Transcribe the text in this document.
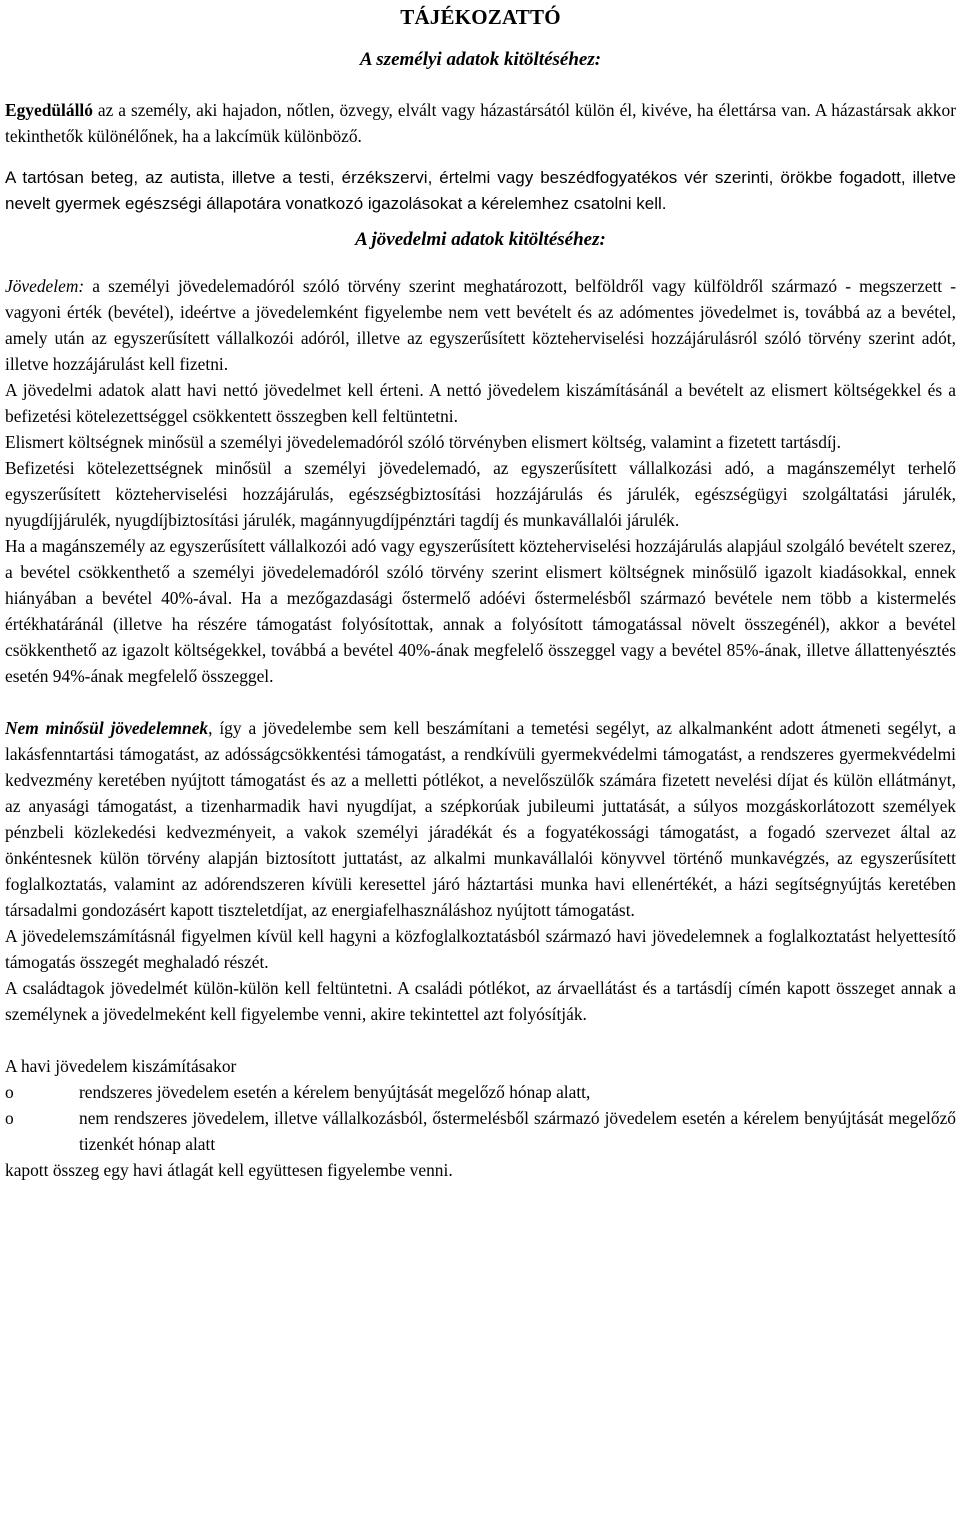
TÁJÉKOZATTÓ
A személyi adatok kitöltéséhez:

Egyedülálló az a személy, aki hajadon, nőtlen, özvegy, elvált vagy házastársától külön él, kivéve, ha élettársa van. A házastársak akkor tekinthetők különélőnek, ha a lakcímük különböző.

A tartósan beteg, az autista, illetve a testi, érzékszervi, értelmi vagy beszédfogyatékos vér szerinti, örökbe fogadott, illetve nevelt gyermek egészségi állapotára vonatkozó igazolásokat a kérelemhez csatolni kell.

A jövedelmi adatok kitöltéséhez:

Jövedelem: a személyi jövedelemadóról szóló törvény szerint meghatározott, belföldről vagy külföldről származó - megszerzett - vagyoni érték (bevétel), ideértve a jövedelemként figyelembe nem vett bevételt és az adómentes jövedelmet is, továbbá az a bevétel, amely után az egyszerűsített vállalkozói adóról, illetve az egyszerűsített közteherviselési hozzájárulásról szóló törvény szerint adót, illetve hozzájárulást kell fizetni.

A jövedelmi adatok alatt havi nettó jövedelmet kell érteni. A nettó jövedelem kiszámításánál a bevételt az elismert költségekkel és a befizetési kötelezettséggel csökkentett összegben kell feltüntetni.

Elismert költségnek minősül a személyi jövedelemadóról szóló törvényben elismert költség, valamint a fizetett tartásdíj.

Befizetési kötelezettségnek minősül a személyi jövedelemadó, az egyszerűsített vállalkozási adó, a magánszemélyt terhelő egyszerűsített közteherviselési hozzájárulás, egészségbiztosítási hozzájárulás és járulék, egészségügyi szolgáltatási járulék, nyugdíjjárulék, nyugdíjbiztosítási járulék, magánnyugdíjpénztári tagdíj és munkavállalói járulék.

Ha a magánszemély az egyszerűsített vállalkozói adó vagy egyszerűsített közteherviselési hozzájárulás alapjául szolgáló bevételt szerez, a bevétel csökkenthető a személyi jövedelemadóról szóló törvény szerint elismert költségnek minősülő igazolt kiadásokkal, ennek hiányában a bevétel 40%-ával. Ha a mezőgazdasági őstermelő adóévi őstermelésből származó bevétele nem több a kistermelés értékhatáránál (illetve ha részére támogatást folyósítottak, annak a folyósított támogatással növelt összegénél), akkor a bevétel csökkenthető az igazolt költségekkel, továbbá a bevétel 40%-ának megfelelő összeggel vagy a bevétel 85%-ának, illetve állattenyésztés esetén 94%-ának megfelelő összeggel.

Nem minősül jövedelemnek, így a jövedelembe sem kell beszámítani a temetési segélyt, az alkalmanként adott átmeneti segélyt, a lakásfenntartási támogatást, az adósságcsökkentési támogatást, a rendkívüli gyermekvédelmi támogatást, a rendszeres gyermekvédelmi kedvezmény keretében nyújtott támogatást és az a melletti pótlékot, a nevelőszülők számára fizetett nevelési díjat és külön ellátmányt, az anyasági támogatást, a tizenharmadik havi nyugdíjat, a szépkorúak jubileumi juttatását, a súlyos mozgáskorlátozott személyek pénzbeli közlekedési kedvezményeit, a vakok személyi járadékát és a fogyatékossági támogatást, a fogadó szervezet által az önkéntesnek külön törvény alapján biztosított juttatást, az alkalmi munkavállalói könyvvel történő munkavégzés, az egyszerűsített foglalkoztatás, valamint az adórendszeren kívüli keresettel járó háztartási munka havi ellenértékét, a házi segítségnyújtás keretében társadalmi gondozásért kapott tiszteletdíjat, az energiafelhasználáshoz nyújtott támogatást.

A jövedelemszámításnál figyelmen kívül kell hagyni a közfoglalkoztatásból származó havi jövedelemnek a foglalkoztatást helyettesítő támogatás összegét meghaladó részét.

A családtagok jövedelmét külön-külön kell feltüntetni. A családi pótlékot, az árvaellátást és a tartásdíj címén kapott összeget annak a személynek a jövedelmeként kell figyelembe venni, akire tekintettel azt folyósítják.

A havi jövedelem kiszámításakor

o	rendszeres jövedelem esetén a kérelem benyújtását megelőző hónap alatt,
o	nem rendszeres jövedelem, illetve vállalkozásból, őstermelésből származó jövedelem esetén a kérelem benyújtását megelőző tizenkét hónap alatt

kapott összeg egy havi átlagát kell együttesen figyelembe venni.
